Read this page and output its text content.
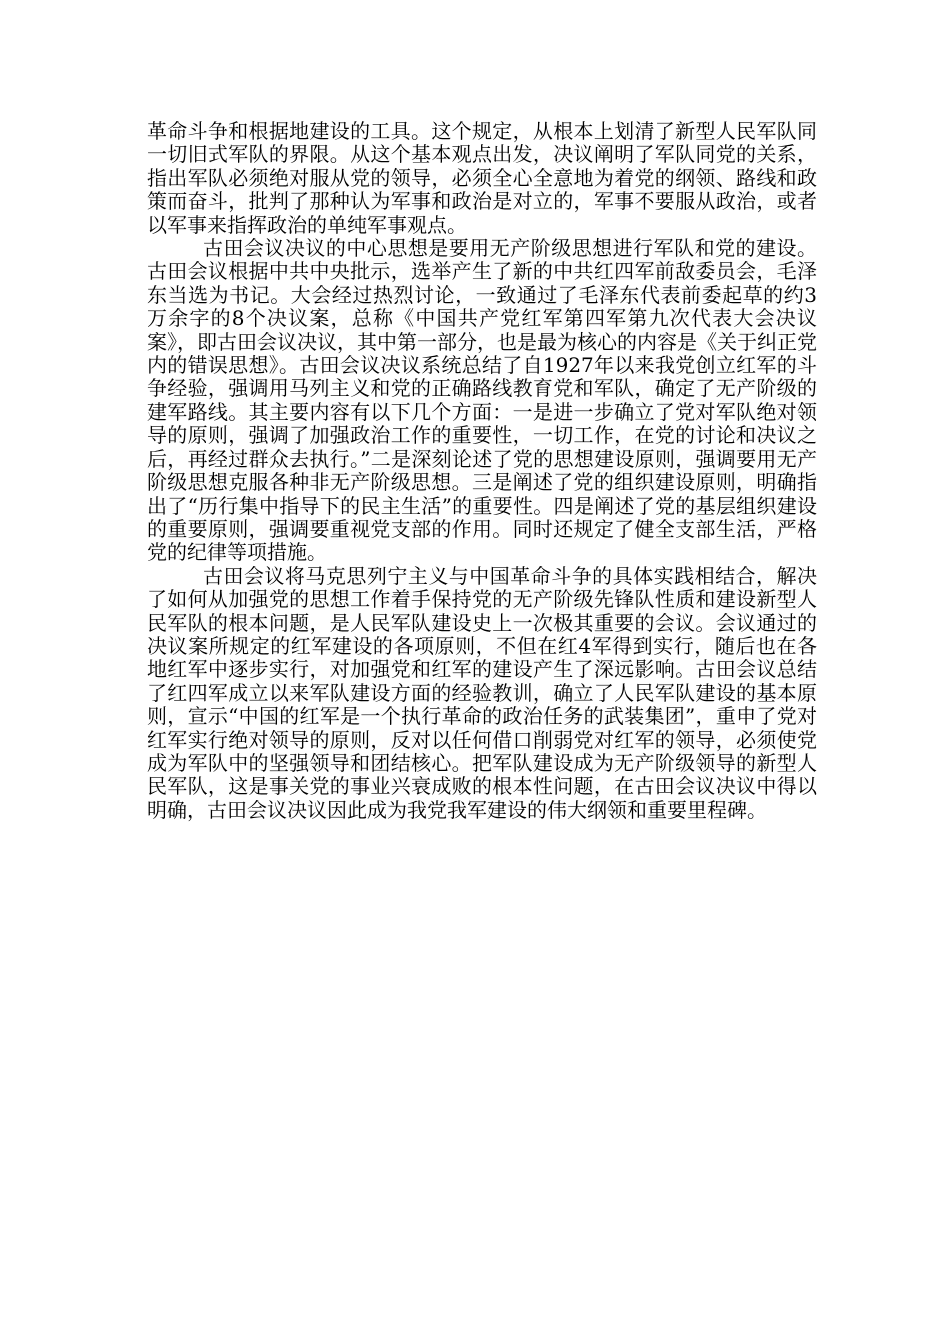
革命斗争和根据地建设的工具。这个规定，从根本上划清了新型人民军队同一切旧式军队的界限。从这个基本观点出发，决议阐明了军队同党的关系，指出军队必须绝对服从党的领导，必须全心全意地为着党的纲领、路线和政策而奋斗，批判了那种认为军事和政治是对立的，军事不要服从政治，或者以军事来指挥政治的单纯军事观点。

古田会议决议的中心思想是要用无产阶级思想进行军队和党的建设。古田会议根据中共中央批示，选举产生了新的中共红四军前敌委员会，毛泽东当选为书记。大会经过热烈讨论，一致通过了毛泽东代表前委起草的约3万余字的8个决议案，总称《中国共产党红军第四军第九次代表大会决议案》，即古田会议决议，其中第一部分，也是最为核心的内容是《关于纠正党内的错误思想》。古田会议决议系统总结了自1927年以来我党创立红军的斗争经验，强调用马列主义和党的正确路线教育党和军队，确定了无产阶级的建军路线。其主要内容有以下几个方面：一是进一步确立了党对军队绝对领导的原则，强调了加强政治工作的重要性，一切工作，在党的讨论和决议之后，再经过群众去执行。”二是深刻论述了党的思想建设原则，强调要用无产阶级思想克服各种非无产阶级思想。三是阐述了党的组织建设原则，明确指出了“历行集中指导下的民主生活”的重要性。四是阐述了党的基层组织建设的重要原则，强调要重视党支部的作用。同时还规定了健全支部生活，严格党的纪律等项措施。

古田会议将马克思列宁主义与中国革命斗争的具体实践相结合，解决了如何从加强党的思想工作着手保持党的无产阶级先锋队性质和建设新型人民军队的根本问题，是人民军队建设史上一次极其重要的会议。会议通过的决议案所规定的红军建设的各项原则，不但在红4军得到实行，随后也在各地红军中逐步实行，对加强党和红军的建设产生了深远影响。古田会议总结了红四军成立以来军队建设方面的经验教训，确立了人民军队建设的基本原则，宣示“中国的红军是一个执行革命的政治任务的武装集团”，重申了党对红军实行绝对领导的原则，反对以任何借口削弱党对红军的领导，必须使党成为军队中的坚强领导和团结核心。把军队建设成为无产阶级领导的新型人民军队，这是事关党的事业兴衰成败的根本性问题，在古田会议决议中得以明确，古田会议决议因此成为我党我军建设的伟大纲领和重要里程碑。
